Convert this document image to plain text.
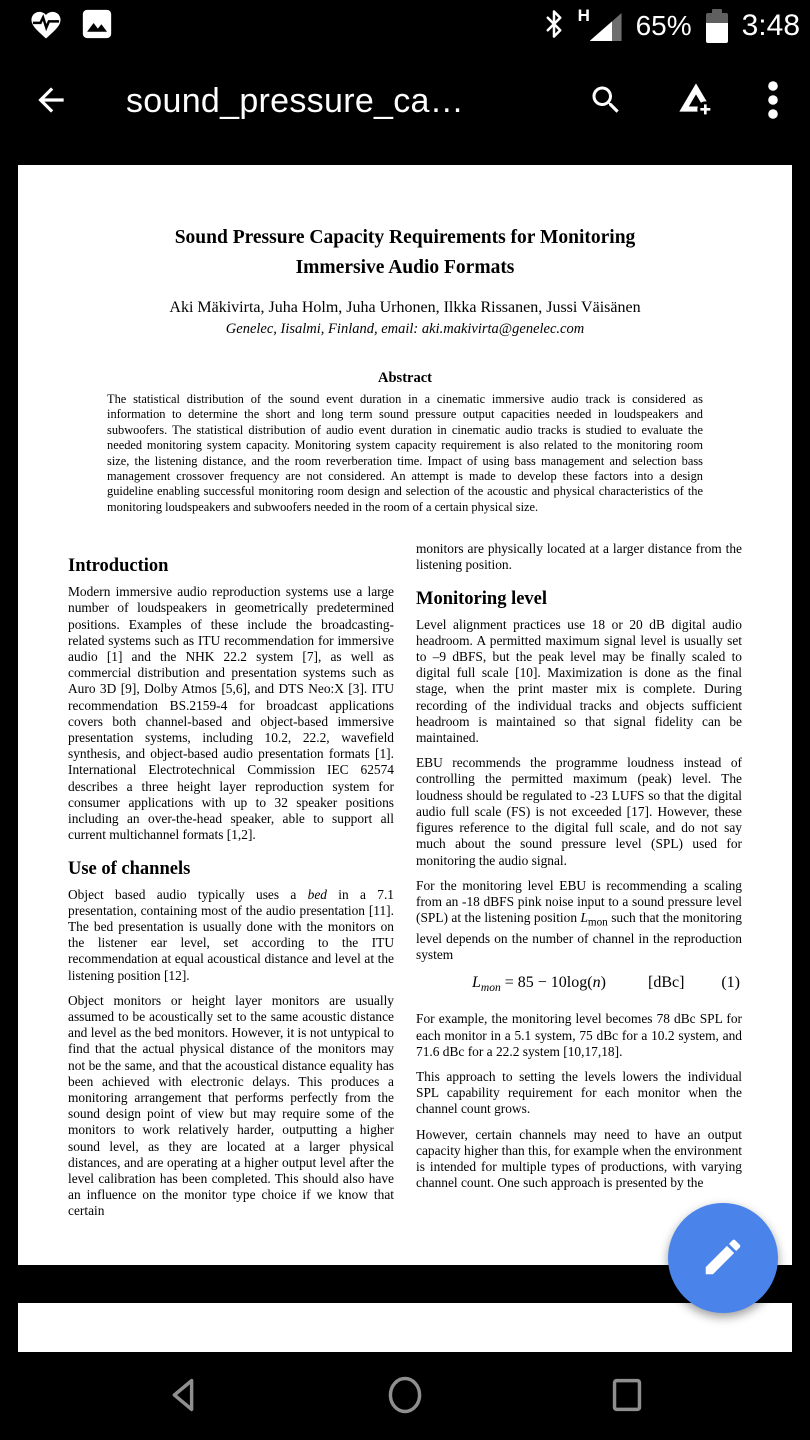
H 65% 3:48
sound_pressure_ca…
Sound Pressure Capacity Requirements for Monitoring
Immersive Audio Formats
Aki Mäkivirta, Juha Holm, Juha Urhonen, Ilkka Rissanen, Jussi Väisänen
Genelec, Iisalmi, Finland, email: aki.makivirta@genelec.com
Abstract
The statistical distribution of the sound event duration in a cinematic immersive audio track is considered as information to determine the short and long term sound pressure output capacities needed in loudspeakers and subwoofers. The statistical distribution of audio event duration in cinematic audio tracks is studied to evaluate the needed monitoring system capacity. Monitoring system capacity requirement is also related to the monitoring room size, the listening distance, and the room reverberation time. Impact of using bass management and selection bass management crossover frequency are not considered. An attempt is made to develop these factors into a design guideline enabling successful monitoring room design and selection of the acoustic and physical characteristics of the monitoring loudspeakers and subwoofers needed in the room of a certain physical size.
Introduction

Modern immersive audio reproduction systems use a large number of loudspeakers in geometrically predetermined positions. Examples of these include the broadcasting-related systems such as ITU recommendation for immersive audio [1] and the NHK 22.2 system [7], as well as commercial distribution and presentation systems such as Auro 3D [9], Dolby Atmos [5,6], and DTS Neo:X [3]. ITU recommendation BS.2159-4 for broadcast applications covers both channel-based and object-based immersive presentation systems, including 10.2, 22.2, wavefield synthesis, and object-based audio presentation formats [1]. International Electrotechnical Commission IEC 62574 describes a three height layer reproduction system for consumer applications with up to 32 speaker positions including an over-the-head speaker, able to support all current multichannel formats [1,2].

Use of channels

Object based audio typically uses a bed in a 7.1 presentation, containing most of the audio presentation [11]. The bed presentation is usually done with the monitors on the listener ear level, set according to the ITU recommendation at equal acoustical distance and level at the listening position [12].

Object monitors or height layer monitors are usually assumed to be acoustically set to the same acoustic distance and level as the bed monitors. However, it is not untypical to find that the actual physical distance of the monitors may not be the same, and that the acoustical distance equality has been achieved with electronic delays. This produces a monitoring arrangement that performs perfectly from the sound design point of view but may require some of the monitors to work relatively harder, outputting a higher sound level, as they are located at a larger physical distances, and are operating at a higher output level after the level calibration has been completed. This should also have an influence on the monitor type choice if we know that certain

monitors are physically located at a larger distance from the listening position.

Monitoring level

Level alignment practices use 18 or 20 dB digital audio headroom. A permitted maximum signal level is usually set to –9 dBFS, but the peak level may be finally scaled to digital full scale [10]. Maximization is done as the final stage, when the print master mix is complete. During recording of the individual tracks and objects sufficient headroom is maintained so that signal fidelity can be maintained.

EBU recommends the programme loudness instead of controlling the permitted maximum (peak) level. The loudness should be regulated to -23 LUFS so that the digital audio full scale (FS) is not exceeded [17]. However, these figures reference to the digital full scale, and do not say much about the sound pressure level (SPL) used for monitoring the audio signal.

For the monitoring level EBU is recommending a scaling from an -18 dBFS pink noise input to a sound pressure level (SPL) at the listening position $L_{mon}$ such that the monitoring level depends on the number of channel in the reproduction system

$L_{mon} = 85 - 10\log(n)$	[dBc] (1)

For example, the monitoring level becomes 78 dBc SPL for each monitor in a 5.1 system, 75 dBc for a 10.2 system, and 71.6 dBc for a 22.2 system [10,17,18].

This approach to setting the levels lowers the individual SPL capability requirement for each monitor when the channel count grows.

However, certain channels may need to have an output capacity higher than this, for example when the environment is intended for multiple types of productions, with varying channel count. One such approach is presented by the
